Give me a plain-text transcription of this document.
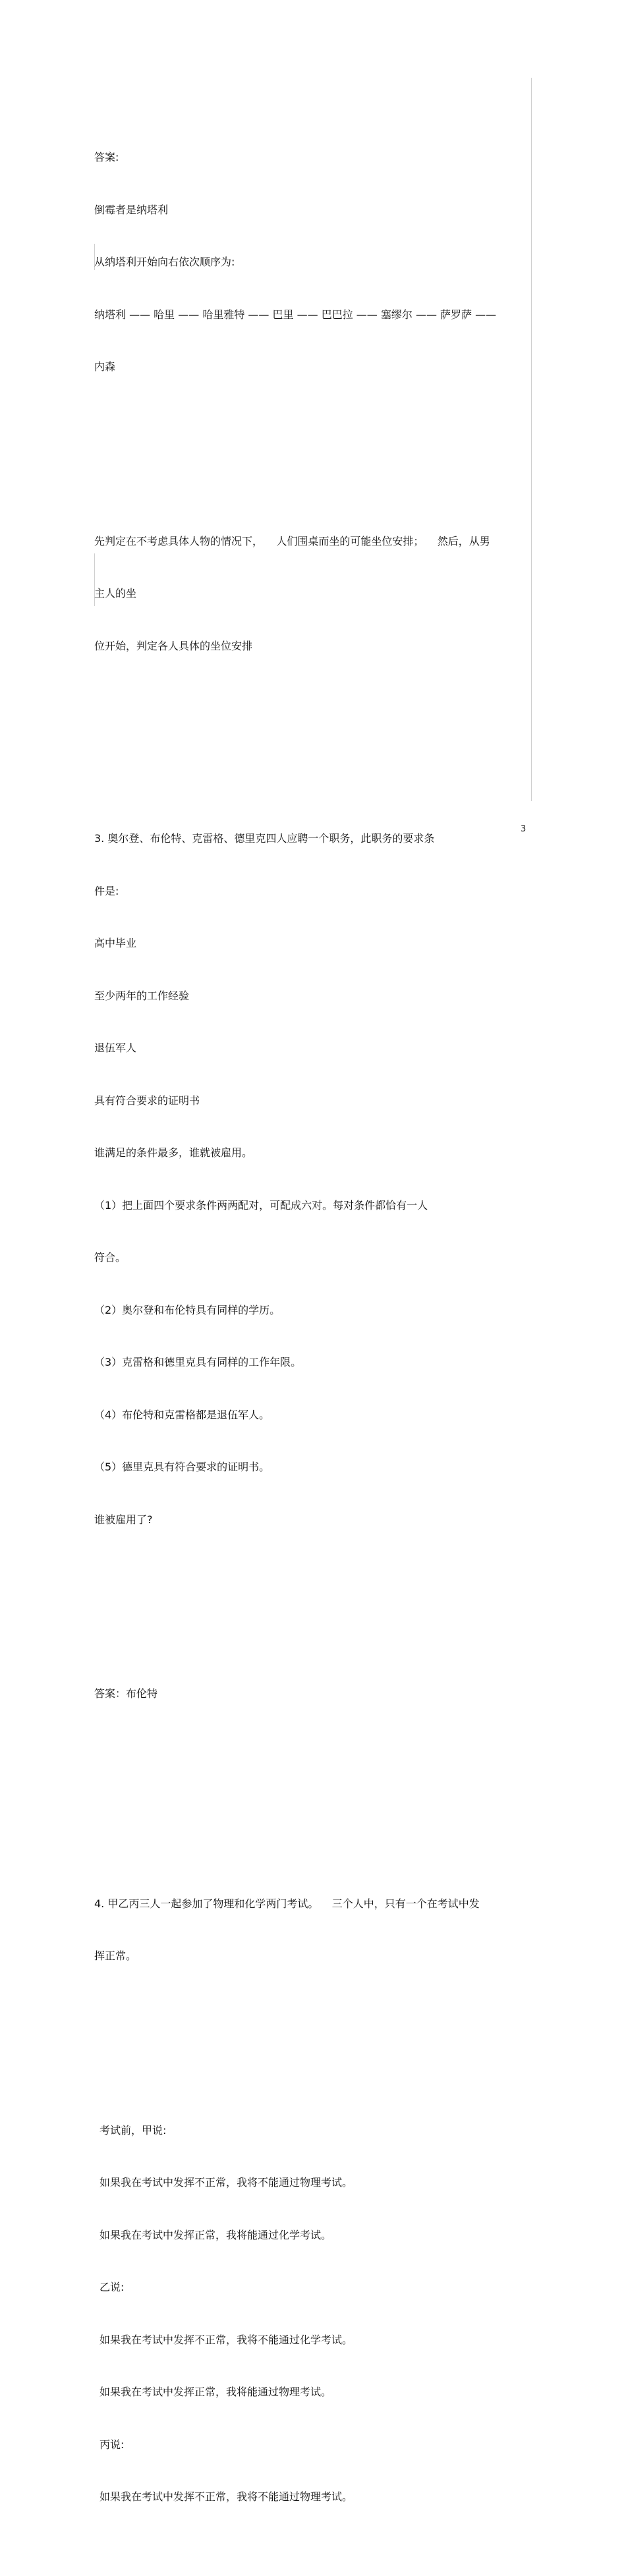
答案:

倒霉者是纳塔利

从纳塔利开始向右依次顺序为:

纳塔利 —— 哈里 —— 哈里雅特 —— 巴里 —— 巴巴拉 —— 塞缪尔 —— 萨罗萨 ——

内森

先判定在不考虑具体人物的情况下，    人们围桌而坐的可能坐位安排；    然后，从男

主人的坐

位开始，判定各人具体的坐位安排

3. 奥尔登、布伦特、克雷格、德里克四人应聘一个职务，此职务的要求条

件是:

高中毕业

至少两年的工作经验

退伍军人

具有符合要求的证明书

谁满足的条件最多，谁就被雇用。

（1）把上面四个要求条件两两配对，可配成六对。每对条件都恰有一人

符合。

（2）奥尔登和布伦特具有同样的学历。

（3）克雷格和德里克具有同样的工作年限。

（4）布伦特和克雷格都是退伍军人。

（5）德里克具有符合要求的证明书。

谁被雇用了?

答案：布伦特

4. 甲乙丙三人一起参加了物理和化学两门考试。    三个人中，只有一个在考试中发

挥正常。

考试前，甲说:

如果我在考试中发挥不正常，我将不能通过物理考试。

如果我在考试中发挥正常，我将能通过化学考试。

乙说:

如果我在考试中发挥不正常，我将不能通过化学考试。

如果我在考试中发挥正常，我将能通过物理考试。

丙说:

如果我在考试中发挥不正常，我将不能通过物理考试。

3
